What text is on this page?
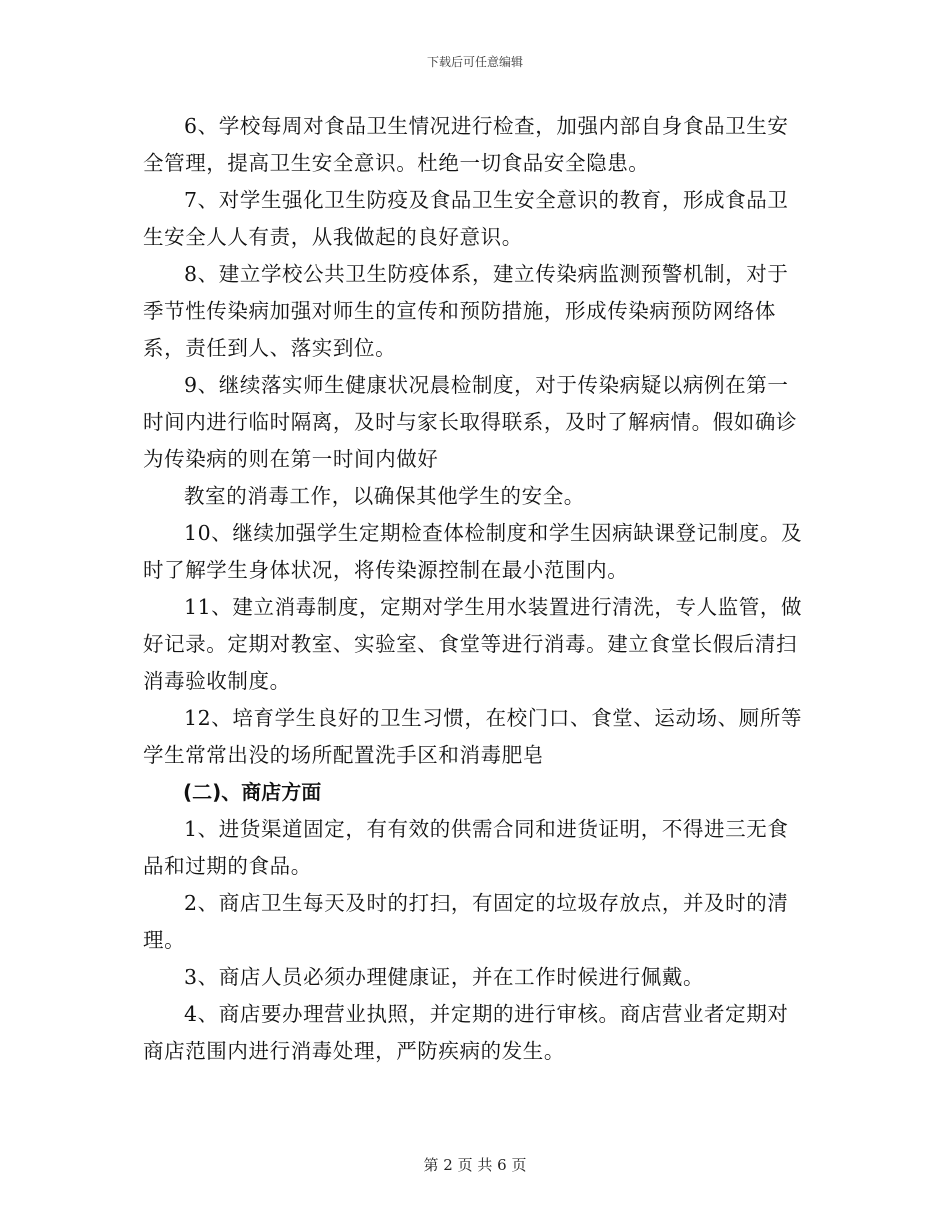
下载后可任意编辑

6、学校每周对食品卫生情况进行检查，加强内部自身食品卫生安全管理，提高卫生安全意识。杜绝一切食品安全隐患。

7、对学生强化卫生防疫及食品卫生安全意识的教育，形成食品卫生安全人人有责，从我做起的良好意识。

8、建立学校公共卫生防疫体系，建立传染病监测预警机制，对于季节性传染病加强对师生的宣传和预防措施，形成传染病预防网络体系，责任到人、落实到位。

9、继续落实师生健康状况晨检制度，对于传染病疑以病例在第一时间内进行临时隔离，及时与家长取得联系，及时了解病情。假如确诊为传染病的则在第一时间内做好

教室的消毒工作，以确保其他学生的安全。

10、继续加强学生定期检查体检制度和学生因病缺课登记制度。及时了解学生身体状况，将传染源控制在最小范围内。

11、建立消毒制度，定期对学生用水装置进行清洗，专人监管，做好记录。定期对教室、实验室、食堂等进行消毒。建立食堂长假后清扫消毒验收制度。

12、培育学生良好的卫生习惯，在校门口、食堂、运动场、厕所等学生常常出没的场所配置洗手区和消毒肥皂

(二)、商店方面

1、进货渠道固定，有有效的供需合同和进货证明，不得进三无食品和过期的食品。

2、商店卫生每天及时的打扫，有固定的垃圾存放点，并及时的清理。

3、商店人员必须办理健康证，并在工作时候进行佩戴。

4、商店要办理营业执照，并定期的进行审核。商店营业者定期对商店范围内进行消毒处理，严防疾病的发生。

第 2 页 共 6 页
